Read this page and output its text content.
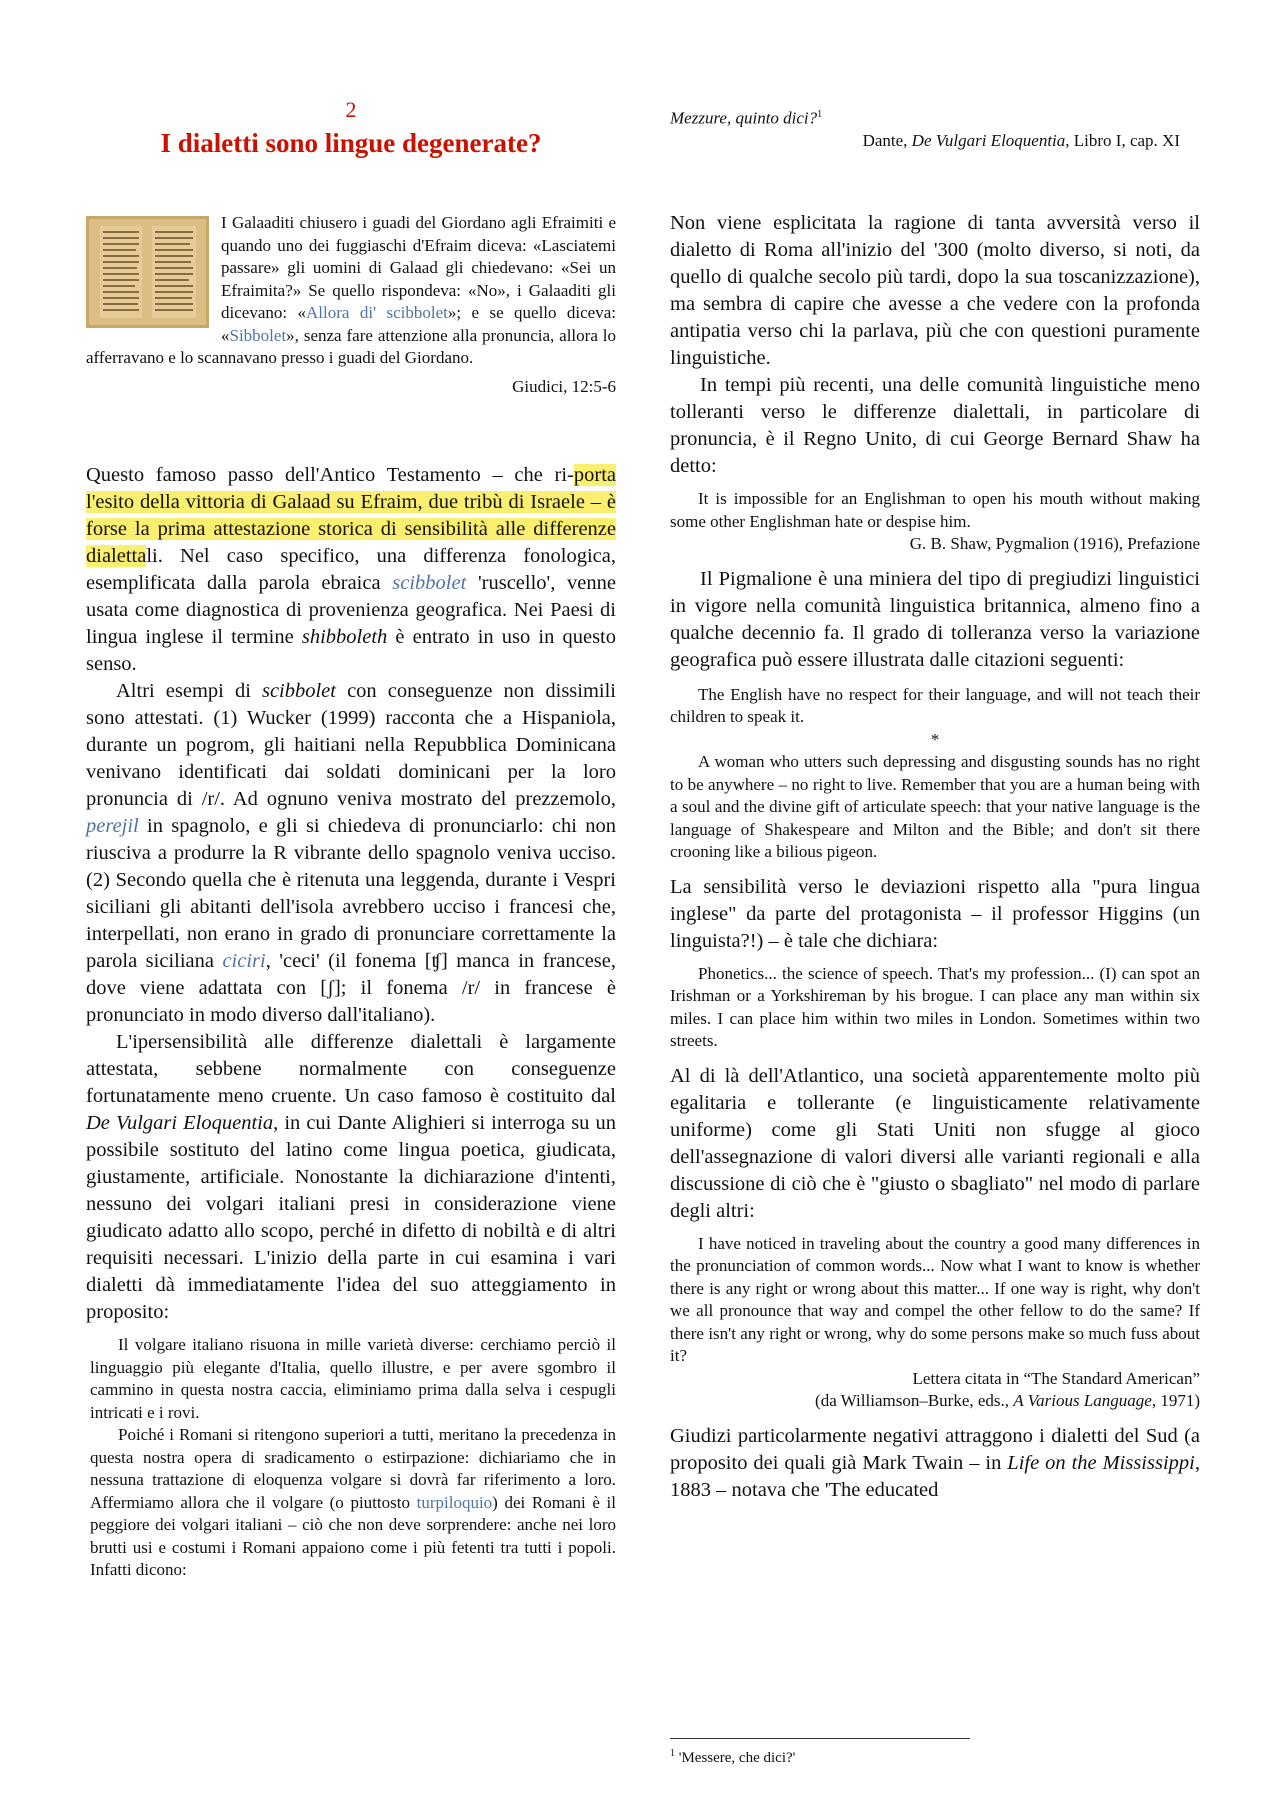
2
I dialetti sono lingue degenerate?
I Galaaditi chiusero i guadi del Giordano agli Efraimiti e quando uno dei fuggiaschi d'Efraim diceva: «Lasciatemi passare» gli uomini di Galaad gli chiedevano: «Sei un Efraimita?» Se quello rispondeva: «No», i Galaaditi gli dicevano: «Allora di' scibbolet»; e se quello diceva: «Sibbolet», senza fare attenzione alla pronuncia, allora lo afferravano e lo scannavano presso i guadi del Giordano.
Giudici, 12:5-6

Questo famoso passo dell'Antico Testamento – che ri-porta l'esito della vittoria di Galaad su Efraim, due tribù di Israele – è forse la prima attestazione storica di sensibilità alle differenze dialettali. Nel caso specifico, una differenza fonologica, esemplificata dalla parola ebraica scibbolet 'ruscello', venne usata come diagnostica di provenienza geografica. Nei Paesi di lingua inglese il termine shibboleth è entrato in uso in questo senso.

Altri esempi di scibbolet con conseguenze non dissimili sono attestati. (1) Wucker (1999) racconta che a Hispaniola, durante un pogrom, gli haitiani nella Repubblica Dominicana venivano identificati dai soldati dominicani per la loro pronuncia di /r/. Ad ognuno veniva mostrato del prezzemolo, perejil in spagnolo, e gli si chiedeva di pronunciarlo: chi non riusciva a produrre la R vibrante dello spagnolo veniva ucciso. (2) Secondo quella che è ritenuta una leggenda, durante i Vespri siciliani gli abitanti dell'isola avrebbero ucciso i francesi che, interpellati, non erano in grado di pronunciare correttamente la parola siciliana ciciri, 'ceci' (il fonema [ʧ] manca in francese, dove viene adattata con [ʃ]; il fonema /r/ in francese è pronunciato in modo diverso dall'italiano).

L'ipersensibilità alle differenze dialettali è largamente attestata, sebbene normalmente con conseguenze fortunatamente meno cruente. Un caso famoso è costituito dal De Vulgari Eloquentia, in cui Dante Alighieri si interroga su un possibile sostituto del latino come lingua poetica, giudicata, giustamente, artificiale. Nonostante la dichiarazione d'intenti, nessuno dei volgari italiani presi in considerazione viene giudicato adatto allo scopo, perché in difetto di nobiltà e di altri requisiti necessari. L'inizio della parte in cui esamina i vari dialetti dà immediatamente l'idea del suo atteggiamento in proposito:

Il volgare italiano risuona in mille varietà diverse: cerchiamo perciò il linguaggio più elegante d'Italia, quello illustre, e per avere sgombro il cammino in questa nostra caccia, eliminiamo prima dalla selva i cespugli intricati e i rovi.

Poiché i Romani si ritengono superiori a tutti, meritano la precedenza in questa nostra opera di sradicamento o estirpazione: dichiariamo che in nessuna trattazione di eloquenza volgare si dovrà far riferimento a loro. Affermiamo allora che il volgare (o piuttosto turpiloquio) dei Romani è il peggiore dei volgari italiani – ciò che non deve sorprendere: anche nei loro brutti usi e costumi i Romani appaiono come i più fetenti tra tutti i popoli. Infatti dicono:

Mezzure, quinto dici?$^1$
Dante, De Vulgari Eloquentia, Libro I, cap. XI

Non viene esplicitata la ragione di tanta avversità verso il dialetto di Roma all'inizio del '300 (molto diverso, si noti, da quello di qualche secolo più tardi, dopo la sua toscanizzazione), ma sembra di capire che avesse a che vedere con la profonda antipatia verso chi la parlava, più che con questioni puramente linguistiche.

In tempi più recenti, una delle comunità linguistiche meno tolleranti verso le differenze dialettali, in particolare di pronuncia, è il Regno Unito, di cui George Bernard Shaw ha detto:

It is impossible for an Englishman to open his mouth without making some other Englishman hate or despise him.

G. B. Shaw, Pygmalion (1916), Prefazione

Il Pigmalione è una miniera del tipo di pregiudizi linguistici in vigore nella comunità linguistica britannica, almeno fino a qualche decennio fa. Il grado di tolleranza verso la variazione geografica può essere illustrata dalle citazioni seguenti:

The English have no respect for their language, and will not teach their children to speak it.

*

A woman who utters such depressing and disgusting sounds has no right to be anywhere – no right to live. Remember that you are a human being with a soul and the divine gift of articulate speech: that your native language is the language of Shakespeare and Milton and the Bible; and don't sit there crooning like a bilious pigeon.

La sensibilità verso le deviazioni rispetto alla "pura lingua inglese" da parte del protagonista – il professor Higgins (un linguista?!) – è tale che dichiara:

Phonetics... the science of speech. That's my profession... (I) can spot an Irishman or a Yorkshireman by his brogue. I can place any man within six miles. I can place him within two miles in London. Sometimes within two streets.

Al di là dell'Atlantico, una società apparentemente molto più egalitaria e tollerante (e linguisticamente relativamente uniforme) come gli Stati Uniti non sfugge al gioco dell'assegnazione di valori diversi alle varianti regionali e alla discussione di ciò che è "giusto o sbagliato" nel modo di parlare degli altri:

I have noticed in traveling about the country a good many differences in the pronunciation of common words... Now what I want to know is whether there is any right or wrong about this matter... If one way is right, why don't we all pronounce that way and compel the other fellow to do the same? If there isn't any right or wrong, why do some persons make so much fuss about it?

Lettera citata in “The Standard American”
(da Williamson–Burke, eds., A Various Language, 1971)

Giudizi particolarmente negativi attraggono i dialetti del Sud (a proposito dei quali già Mark Twain – in Life on the Mississippi, 1883 – notava che 'The educated

$^1$ 'Messere, che dici?'
